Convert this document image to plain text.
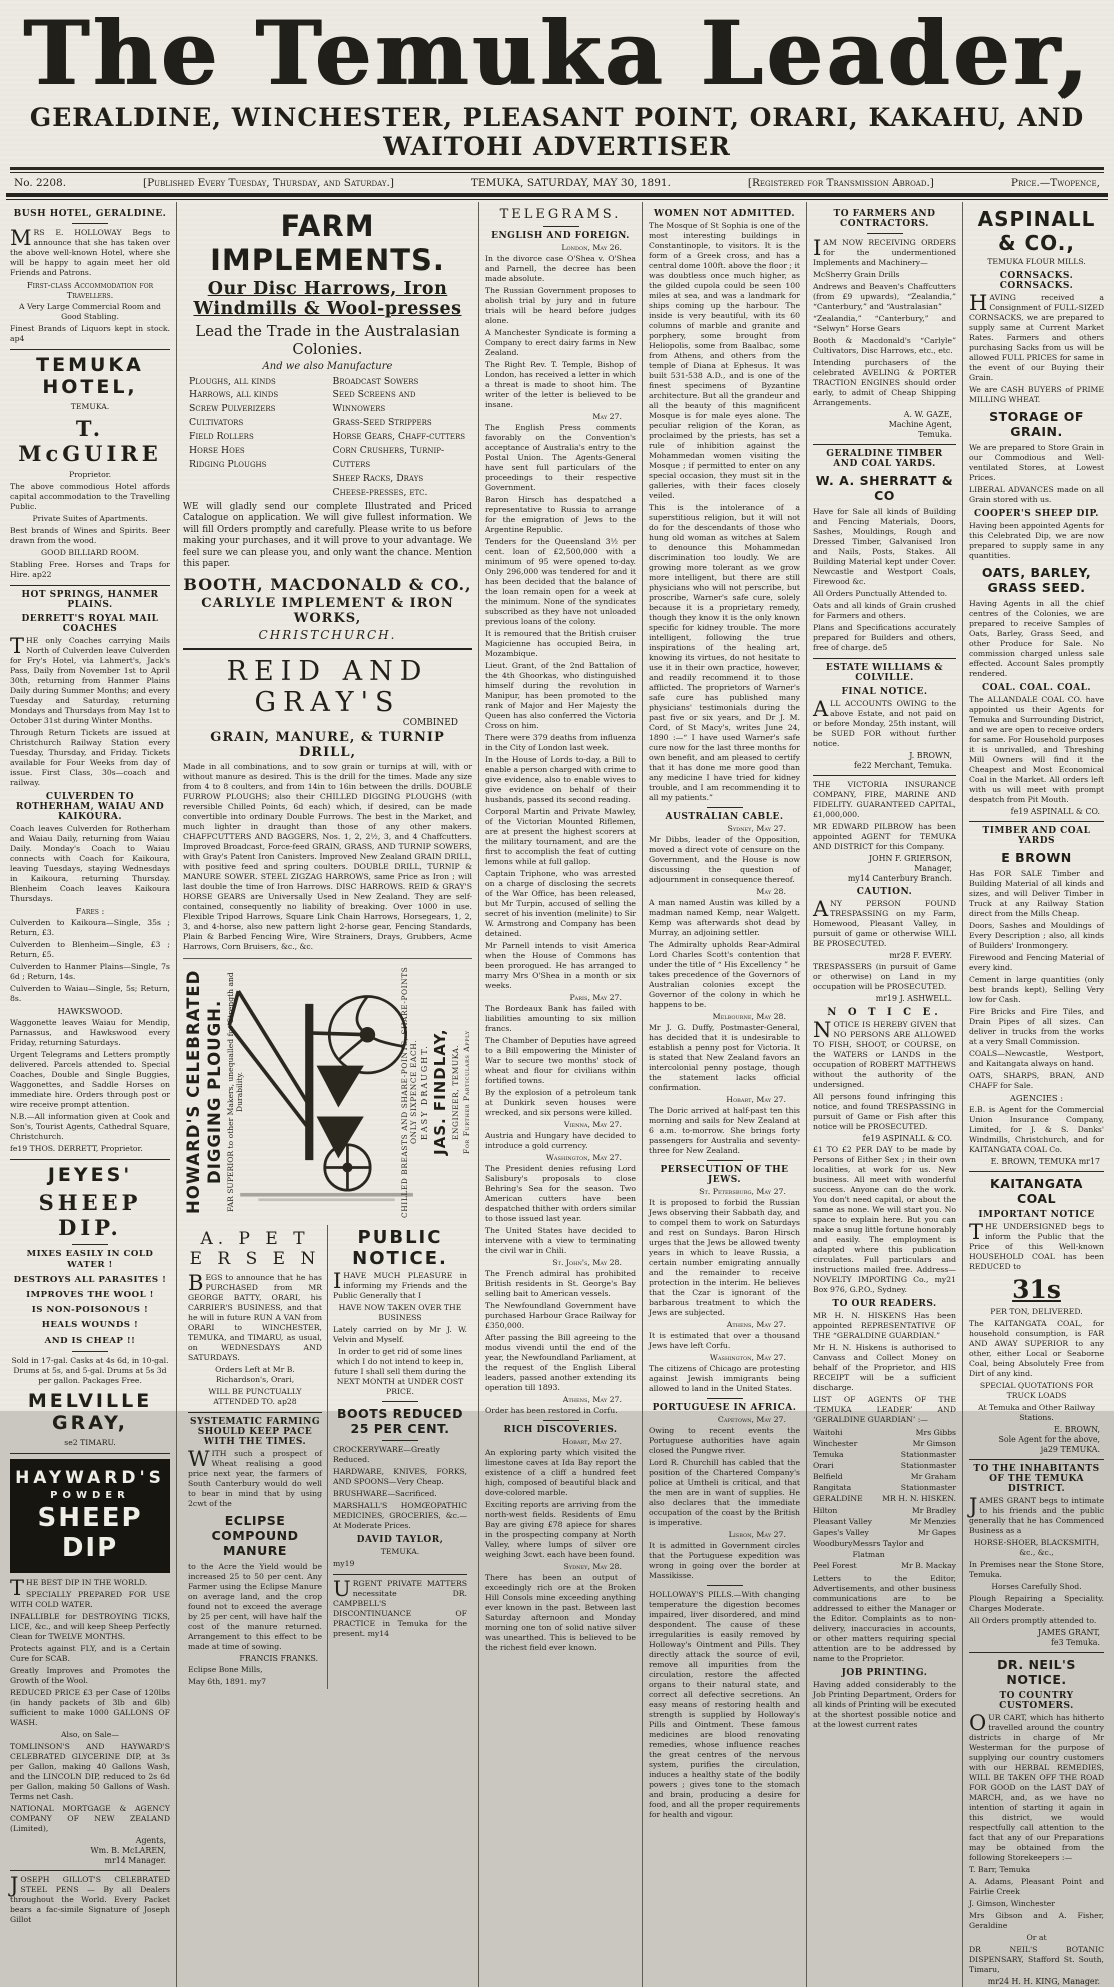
The Temuka Leader,
GERALDINE, WINCHESTER, PLEASANT POINT, ORARI, KAKAHU, AND WAITOHI ADVERTISER
No. 2208.	[Published Every Tuesday, Thursday, and Saturday.]	TEMUKA, SATURDAY, MAY 30, 1891.	[Registered for Transmission Abroad.]	Price.—Twopence,
BUSH HOTEL, GERALDINE.

MRS E. HOLLOWAY Begs to announce that she has taken over the above well-known Hotel, where she will be happy to again meet her old Friends and Patrons.

First-class Accommodation for Travellers.

A Very Large Commercial Room and Good Stabling.

Finest Brands of Liquors kept in stock. ap4

TEMUKA HOTEL,

TEMUKA.

T. McGUIRE

Proprietor.

The above commodious Hotel affords capital accommodation to the Travelling Public.

Private Suites of Apartments.

Best brands of Wines and Spirits. Beer drawn from the wood.

GOOD BILLIARD ROOM.

Stabling Free. Horses and Traps for Hire. ap22

HOT SPRINGS, HANMER PLAINS.
DERRETT'S ROYAL MAIL COACHES

THE only Coaches carrying Mails North of Culverden leave Culverden for Fry's Hotel, via Lahmert's, Jack's Pass, Daily from November 1st to April 30th, returning from Hanmer Plains Daily during Summer Months; and every Tuesday and Saturday, returning Mondays and Thursdays from May 1st to October 31st during Winter Months.

Through Return Tickets are issued at Christchurch Railway Station every Tuesday, Thursday, and Friday. Tickets available for Four Weeks from day of issue. First Class, 30s—coach and railway.

CULVERDEN TO ROTHERHAM, WAIAU AND KAIKOURA.

Coach leaves Culverden for Rotherham and Waiau Daily, returning from Waiau Daily. Monday's Coach to Waiau connects with Coach for Kaikoura, leaving Tuesdays, staying Wednesdays in Kaikoura, returning Thursday. Blenheim Coach leaves Kaikoura Thursdays.

Fares :

Culverden to Kaikoura—Single, 35s ; Return, £3.

Culverden to Blenheim—Single, £3 ; Return, £5.

Culverden to Hanmer Plains—Single, 7s 6d ; Return, 14s.

Culverden to Waiau—Single, 5s; Return, 8s.

HAWKSWOOD.

Waggonette leaves Waiau for Mendip, Parnassus, and Hawkswood every Friday, returning Saturdays.

Urgent Telegrams and Letters promptly delivered. Parcels attended to. Special Coaches, Double and Single Buggies, Waggonettes, and Saddle Horses on immediate hire. Orders through post or wire receive prompt attention.

N.B.—All information given at Cook and Son's, Tourist Agents, Cathedral Square, Christchurch.

fe19 THOS. DERRETT, Proprietor.

JEYES'
SHEEP DIP.

MIXES EASILY IN COLD WATER !

DESTROYS ALL PARASITES !

IMPROVES THE WOOL !

IS NON-POISONOUS !

HEALS WOUNDS !

AND IS CHEAP !!

Sold in 17-gal. Casks at 4s 6d, in 10-gal. Drums at 5s, and 5-gal. Drums at 5s 3d per gallon. Packages Free.

MELVILLE GRAY,

se2 TIMARU.

HAYWARD'S
POWDER
SHEEP DIP

THE BEST DIP IN THE WORLD.

SPECIALLY PREPARED FOR USE WITH COLD WATER.

INFALLIBLE for DESTROYING TICKS, LICE, &c., and will keep Sheep Perfectly Clean for TWELVE MONTHS.

Protects against FLY, and is a Certain Cure for SCAB.

Greatly Improves and Promotes the Growth of the Wool.

REDUCED PRICE £3 per Case of 120lbs (in handy packets of 3lb and 6lb) sufficient to make 1000 GALLONS OF WASH.

Also, on Sale—

TOMLINSON'S AND HAYWARD'S CELEBRATED GLYCERINE DIP, at 3s per Gallon, making 40 Gallons Wash, and the LINCOLN DIP, reduced to 2s 6d per Gallon, making 50 Gallons of Wash. Terms net Cash.

NATIONAL MORTGAGE & AGENCY COMPANY OF NEW ZEALAND (Limited),

Agents,
Wm. B. McLAREN,
mr14 Manager.

JOSEPH GILLOT'S CELEBRATED STEEL PENS — By all Dealers throughout the World. Every Packet bears a fac-simile Signature of Joseph Gillot

FARM IMPLEMENTS.
Our Disc Harrows, Iron Windmills & Wool-presses
Lead the Trade in the Australasian Colonies.
And we also Manufacture
Ploughs, all kinds
Harrows, all kinds
Screw Pulverizers
Cultivators
Field Rollers
Horse Hoes
Ridging Ploughs
Broadcast Sowers
Seed Screens and Winnowers
Grass-Seed Strippers
Horse Gears, Chaff-cutters
Corn Crushers, Turnip-Cutters
Sheep Racks, Drays
Cheese-presses, etc.

WE will gladly send our complete Illustrated and Priced Catalogue on application. We will give fullest information. We will fill Orders promptly and carefully. Please write to us before making your purchases, and it will prove to your advantage. We feel sure we can please you, and only want the chance. Mention this paper.

BOOTH, MACDONALD & CO.,
CARLYLE IMPLEMENT & IRON WORKS,
CHRISTCHURCH.
REID AND GRAY'S
COMBINED
GRAIN, MANURE, & TURNIP DRILL,

Made in all combinations, and to sow grain or turnips at will, with or without manure as desired. This is the drill for the times. Made any size from 4 to 8 coulters, and from 14in to 16in between the drills. DOUBLE FURROW PLOUGHS; also their CHILLED DIGGING PLOUGHS (with reversible Chilled Points, 6d each) which, if desired, can be made convertible into ordinary Double Furrows. The best in the Market, and much lighter in draught than those of any other makers. CHAFFCUTTERS AND BAGGERS, Nos. 1, 2, 2½, 3, and 4 Chaffcutters. Improved Broadcast, Force-feed GRAIN, GRASS, AND TURNIP SOWERS, with Gray's Patent Iron Canisters. Improved New Zealand GRAIN DRILL, with positive feed and spring coulters. DOUBLE DRILL, TURNIP & MANURE SOWER. STEEL ZIGZAG HARROWS, same Price as Iron ; will last double the time of Iron Harrows. DISC HARROWS. REID & GRAY'S HORSE GEARS are Universally Used in New Zealand. They are self-contained, consequently no liability of breaking. Over 1000 in use. Flexible Tripod Harrows, Square Link Chain Harrows, Horsegears, 1, 2, 3, and 4-horse, also new pattern light 2-horse gear, Fencing Standards, Plain & Barbed Fencing Wire, Wire Strainers, Drays, Grubbers, Acme Harrows, Corn Bruisers, &c., &c.

HOWARD'S CELEBRATED DIGGING PLOUGH. FAR SUPERIOR to other Makers, unequalled for Strength and Durability.	CHILLED BREASTS AND SHARE-POINTS, SHARE-POINTS ONLY SIXPENCE EACH. EASY DRAUGHT. JAS. FINDLAY, ENGINEER, TEMUKA. For Further Particulars Apply
A. P E T E R S E N

BEGS to announce that he has PURCHASED from MR GEORGE BATTY, ORARI, his CARRIER'S BUSINESS, and that he will in future RUN A VAN from ORARI to WINCHESTER, TEMUKA, and TIMARU, as usual, on WEDNESDAYS AND SATURDAYS.

Orders Left at Mr B. Richardson's, Orari,

WILL BE PUNCTUALLY ATTENDED TO. ap28

SYSTEMATIC FARMING SHOULD KEEP PACE WITH THE TIMES.

WITH such a prospect of Wheat realising a good price next year, the farmers of South Canterbury would do well to bear in mind that by using 2cwt of the

ECLIPSE COMPOUND MANURE

to the Acre the Yield would be increased 25 to 50 per cent. Any Farmer using the Eclipse Manure on average land, and the crop found not to exceed the average by 25 per cent, will have half the cost of the manure returned. Arrangement to this effect to be made at time of sowing.

FRANCIS FRANKS.

Eclipse Bone Mills,

May 6th, 1891. my7

PUBLIC NOTICE.

I HAVE MUCH PLEASURE in informing my Friends and the Public Generally that I

HAVE NOW TAKEN OVER THE BUSINESS

Lately carried on by Mr J. W. Velvin and Myself.

In order to get rid of some lines which I do not intend to keep in, future I shall sell them during the NEXT MONTH at UNDER COST PRICE.

BOOTS REDUCED 25 PER CENT.

CROCKERYWARE—Greatly Reduced.

HARDWARE, KNIVES, FORKS, AND SPOONS—Very Cheap.

BRUSHWARE—Sacrificed.

MARSHALL'S HOMŒOPATHIC MEDICINES, GROCERIES, &c.— At Moderate Prices.

DAVID TAYLOR,

TEMUKA.

my19

URGENT PRIVATE MATTERS necessitate DR. CAMPBELL'S DISCONTINUANCE OF PRACTICE in Temuka for the present. my14

TELEGRAMS.
ENGLISH AND FOREIGN.
London, May 26.

In the divorce case O'Shea v. O'Shea and Parnell, the decree has been made absolute.

The Russian Government proposes to abolish trial by jury and in future trials will be heard before judges alone.

A Manchester Syndicate is forming a Company to erect dairy farms in New Zealand.

The Right Rev. T. Temple, Bishop of London, has received a letter in which a threat is made to shoot him. The writer of the letter is believed to be insane.

May 27.

The English Press comments favorably on the Convention's acceptance of Australia's entry to the Postal Union. The Agents-General have sent full particulars of the proceedings to their respective Government.

Baron Hirsch has despatched a representative to Russia to arrange for the emigration of Jews to the Argentine Republic.

Tenders for the Queensland 3½ per cent. loan of £2,500,000 with a minimum of 95 were opened to-day. Only 296,000 was tendered for and it has been decided that the balance of the loan remain open for a week at the minimum. None of the syndicates subscribed as they have not unloaded previous loans of the colony.

It is remoured that the British cruiser Magicienne has occupied Beira, in Mozambique.

Lieut. Grant, of the 2nd Battalion of the 4th Ghoorkas, who distinguished himself during the revolution in Manipur, has been promoted to the rank of Major and Her Majesty the Queen has also conferred the Victoria Cross on him.

There were 379 deaths from influenza in the City of London last week.

In the House of Lords to-day, a Bill to enable a person charged with crime to give evidence, also to enable wives to give evidence on behalf of their husbands, passed its second reading.

Corporal Martin and Private Mawley, of the Victorian Mounted Riflemen, are at present the highest scorers at the military tournament, and are the first to accomplish the feat of cutting lemons while at full gallop.

Captain Triphone, who was arrested on a charge of disclosing the secrets of the War Office, has been released, but Mr Turpin, accused of selling the secret of his invention (melinite) to Sir W. Armstrong and Company has been detained.

Mr Parnell intends to visit America when the House of Commons has been prorogued. He has arranged to marry Mrs O'Shea in a month or six weeks.

Paris, May 27.

The Bordeaux Bank has failed with liabilities amounting to six million francs.

The Chamber of Deputies have agreed to a Bill empowering the Minister of War to secure two months' stock of wheat and flour for civilians within fortified towns.

By the explosion of a petroleum tank at Dunkirk seven houses were wrecked, and six persons were killed.

Vienna, May 27.

Austria and Hungary have decided to introduce a gold currency.

Washington, May 27.

The President denies refusing Lord Salisbury's proposals to close Behring's Sea for the season. Two American cutters have been despatched thither with orders similar to those issued last year.

The United States have decided to intervene with a view to terminating the civil war in Chili.

St. John's, May 28.

The French admiral has prohibited British residents in St. George's Bay selling bait to American vessels.

The Newfoundland Government have purchased Harbour Grace Railway for £350,000.

After passing the Bill agreeing to the modus vivendi until the end of the year, the Newfoundland Parliament, at the request of the English Liberal leaders, passed another extending its operation till 1893.

Athens, May 27.

Order has been restored in Corfu.

RICH DISCOVERIES.
Hobart, May 27.

An exploring party which visited the limestone caves at Ida Bay report the existence of a cliff a hundred feet high, composed of beautiful black and dove-colored marble.

Exciting reports are arriving from the north-west fields. Residents of Emu Bay are giving £78 apiece for shares in the prospecting company at North Valley, where lumps of silver ore weighing 3cwt. each have been found.

Sydney, May 28.

There has been an output of exceedingly rich ore at the Broken Hill Consols mine exceeding anything ever known in the past. Between last Saturday afternoon and Monday morning one ton of solid native silver was unearthed. This is believed to be the richest field ever known.

WOMEN NOT ADMITTED.

The Mosque of St Sophia is one of the most interesting buildings in Constantinople, to visitors. It is the form of a Greek cross, and has a central dome 100ft. above the floor ; it was doubtless once much higher, as the gilded cupola could be seen 100 miles at sea, and was a landmark for ships coming up the harbour. The inside is very beautiful, with its 60 columns of marble and granite and porphery, some brought from Heliopolis, some from Baalbac, some from Athens, and others from the temple of Diana at Ephesus. It was built 531-538 A.D., and is one of the finest specimens of Byzantine architecture. But all the grandeur and all the beauty of this magnificent Mosque is for male eyes alone. The peculiar religion of the Koran, as proclaimed by the priests, has set a rule of inhibition against the Mohammedan women visiting the Mosque ; if permitted to enter on any special occasion, they must sit in the galleries, with their faces closely veiled.

This is the intolerance of a superstitious religion, but it will not do for the descendants of those who hung old woman as witches at Salem to denounce this Mohammedan discrimination too loudly. We are growing more tolerant as we grow more intelligent, but there are still physicians who will not perscribe, but proscribe, Warner's safe cure, solely because it is a proprietary remedy, though they know it is the only known specific for kidney trouble. The more intelligent, following the true inspirations of the healing art, knowing its virtues, do not hesitate to use it in their own practice, however, and readily recommend it to those afflicted. The proprietors of Warner's safe cure has published many physicians' testimonials during the past five or six years, and Dr J. M. Cord, of St Macy's, writes June 24, 1890 :—“ I have used Warner's safe cure now for the last three months for own benefit, and am pleased to certify that it has done me more good than any medicine I have tried for kidney trouble, and I am recommending it to all my patients.”

AUSTRALIAN CABLE.
Sydney, May 27.

Mr Dibbs, leader of the Opposition, moved a direct vote of censure on the Government, and the House is now discussing the question of adjournment in consequence thereof.

May 28.

A man named Austin was killed by a madman named Kemp, near Walgett. Kemp was afterwards shot dead by Murray, an adjoining settler.

The Admiralty upholds Rear-Admiral Lord Charles Scott's contention that under the title of “ His Excellency ” he takes precedence of the Governors of Australian colonies except the Governor of the colony in which he happens to be.

Melbourne, May 28.

Mr J. G. Duffy, Postmaster-General, has decided that it is undesirable to establish a penny post for Victoria. It is stated that New Zealand favors an intercolonial penny postage, though the statement lacks official confirmation.

Hobart, May 27.

The Doric arrived at half-past ten this morning and sails for New Zealand at 6 a.m. to-morrow. She brings forty passengers for Australia and seventy-three for New Zealand.

PERSECUTION OF THE JEWS.
St. Petersburg, May 27.

It is proposed to forbid the Russian Jews observing their Sabbath day, and to compel them to work on Saturdays and rest on Sundays. Baron Hirsch urges that the Jews be allowed twenty years in which to leave Russia, a certain number emigrating annually and the remainder to receive protection in the interim. He believes that the Czar is ignorant of the barbarous treatment to which the Jews are subjected.

Athens, May 27.

It is estimated that over a thousand Jews have left Corfu.

Washington, May 27.

The citizens of Chicago are protesting against Jewish immigrants being allowed to land in the United States.

PORTUGUESE IN AFRICA.
Capetown, May 27.

Owing to recent events the Portuguese authorities have again closed the Pungwe river.

Lord R. Churchill has cabled that the position of the Chartered Company's police at Umtheli is critical, and that the men are in want of supplies. He also declares that the immediate occupation of the coast by the British is imperative.

Lisbon, May 27.

It is admitted in Government circles that the Portuguese expedition was wrong in going over the border at Massikisse.

HOLLOWAY'S PILLS.—With changing temperature the digestion becomes impaired, liver disordered, and mind despondent. The cause of these irregularities is easily removed by Holloway's Ointment and Pills. They directly attack the source of evil, remove all impurities from the circulation, restore the affected organs to their natural state, and correct all defective secretions. An easy means of restoring health and strength is supplied by Holloway's Pills and Ointment. These famous medicines are blood renovating remedies, whose influence reaches the great centres of the nervous system, purifies the circulation, induces a healthy state of the bodily powers ; gives tone to the stomach and brain, producing a desire for food, and all the proper requirements for health and vigour.

TO FARMERS AND CONTRACTORS.

I AM NOW RECEIVING ORDERS for the undermentioned Implements and Machinery—

McSherry Grain Drills

Andrews and Beaven's Chaffcutters (from £9 upwards), “Zealandia,” “Canterbury,” and “Australasian”

“Zealandia,” “Canterbury,” and “Selwyn” Horse Gears

Booth & Macdonald's “Carlyle” Cultivators, Disc Harrows, etc., etc.

Intending purchasers of the celebrated AVELING & PORTER TRACTION ENGINES should order early, to admit of Cheap Shipping Arrangements.

A. W. GAZE,
Machine Agent,
Temuka.
GERALDINE TIMBER AND COAL YARDS.
W. A. SHERRATT & CO

Have for Sale all kinds of Building and Fencing Materials, Doors, Sashes, Mouldings, Rough and Dressed Timber, Galvanised Iron and Nails, Posts, Stakes. All Building Material kept under Cover. Newcastle and Westport Coals, Firewood &c.

All Orders Punctually Attended to.

Oats and all kinds of Grain crushed for Farmers and others.

Plans and Specifications accurately prepared for Builders and others, free of charge. de5

ESTATE WILLIAMS & COLVILLE.
FINAL NOTICE.

ALL ACCOUNTS OWING to the above Estate, and not paid on or before Monday, 25th instant, will be SUED FOR without further notice.

J. BROWN,
fe22 Merchant, Temuka.

THE VICTORIA INSURANCE COMPANY, FIRE, MARINE AND FIDELITY. GUARANTEED CAPITAL, £1,000,000.

MR EDWARD PILBROW has been appointed AGENT for TEMUKA AND DISTRICT for this Company.

JOHN F. GRIERSON,
Manager,
my14 Canterbury Branch.
CAUTION.

ANY PERSON FOUND TRESPASSING on my Farm, Homewood, Pleasant Valley, in pursuit of game or otherwise WILL BE PROSECUTED.

mr28 F. EVERY.

TRESPASSERS (in pursuit of Game or otherwise) on Land in my occupation will be PROSECUTED.

mr19 J. ASHWELL.
N O T I C E.

NOTICE IS HEREBY GIVEN that NO PERSONS ARE ALLOWED TO FISH, SHOOT, or COURSE, on the WATERS or LANDS in the occupation of ROBERT MATTHEWS without the authority of the undersigned.

All persons found infringing this notice, and found TRESPASSING in pursuit of Game or Fish after this notice will be PROSECUTED.

fe19 ASPINALL & CO.

£1 TO £2 PER DAY to be made by Persons of Either Sex ; in their own localities, at work for us. New business. All meet with wonderful success. Anyone can do the work. You don't need capital, or about the same as none. We will start you. No space to explain here. But you can make a snug little fortune honorably and easily. The employment is adapted where this publication circulates. Full particulars and instructions mailed free. Address—NOVELTY IMPORTING Co., my21 Box 976, G.P.O., Sydney.

TO OUR READERS.

MR H. N. HISKENS Has been appointed REPRESENTATIVE OF THE “GERALDINE GUARDIAN.”

Mr H. N. Hiskens is authorised to Canvass and Collect Money on behalf of the Proprietor, and HIS RECEIPT will be a sufficient discharge.

LIST OF AGENTS OF THE ‘TEMUKA LEADER’ AND ‘GERALDINE GUARDIAN’ :—

Waitohi	Mrs Gibbs
Winchester	Mr Gimson
Temuka	Stationmaster
Orari	Stationmaster
Belfield	Mr Graham
Rangitata	Stationmaster
GERALDINE	MR H. N. HISKEN.
Hilton	Mr Bradley
Pleasant Valley	Mr Menzies
Gapes's Valley	Mr Gapes
Woodbury Messrs Taylor and Flatman
Peel Forest	Mr B. Mackay

Letters to the Editor, Advertisements, and other business communications are to be addressed to either the Manager or the Editor. Complaints as to non-delivery, inaccuracies in accounts, or other matters requiring special attention are to be addressed by name to the Proprietor.

JOB PRINTING.

Having added considerably to the Job Printing Department, Orders for all kinds of Printing will be executed at the shortest possible notice and at the lowest current rates

ASPINALL & CO.,

TEMUKA FLOUR MILLS.

CORNSACKS. CORNSACKS.

HAVING received a Consignment of FULL-SIZED CORNSACKS, we are prepared to supply same at Current Market Rates. Farmers and others purchasing Sacks from us will be allowed FULL PRICES for same in the event of our Buying their Grain.

We are CASH BUYERS of PRIME MILLING WHEAT.

STORAGE OF GRAIN.

We are prepared to Store Grain in our Commodious and Well-ventilated Stores, at Lowest Prices.

LIBERAL ADVANCES made on all Grain stored with us.

COOPER'S SHEEP DIP.

Having been appointed Agents for this Celebrated Dip, we are now prepared to supply same in any quantities.

OATS, BARLEY, GRASS SEED.

Having Agents in all the chief centres of the Colonies, we are prepared to receive Samples of Oats, Barley, Grass Seed, and other Produce for Sale. No commission charged unless sale effected. Account Sales promptly rendered.

COAL. COAL. COAL.

The ALLANDALE COAL CO. have appointed us their Agents for Temuka and Surrounding District, and we are open to receive orders for same. For Household purposes it is unrivalled, and Threshing Mill Owners will find it the Cheapest and Most Economical Coal in the Market. All orders left with us will meet with prompt despatch from Pit Mouth.

fe19 ASPINALL & CO.
TIMBER AND COAL YARDS
E BROWN

Has FOR SALE Timber and Building Material of all kinds and sizes, and will Deliver Timber in Truck at any Railway Station direct from the Mills Cheap.

Doors, Sashes and Mouldings of Every Description ; also, all kinds of Builders' Ironmongery.

Firewood and Fencing Material of every kind.

Cement in large quantities (only best brands kept), Selling Very low for Cash.

Fire Bricks and Fire Tiles, and Drain Pipes of all sizes. Can deliver in trucks from the works at a very Small Commission.

COALS—Newcastle, Westport, and Kaitangata always on hand.

OATS, SHARPS, BRAN, AND CHAFF for Sale.

AGENCIES :

E.B. is Agent for the Commercial Union Insurance Company, Limited, for J. & S. Danks' Windmills, Christchurch, and for KAITANGATA COAL Co.

E. BROWN, TEMUKA mr17
KAITANGATA COAL
IMPORTANT NOTICE

THE UNDERSIGNED begs to inform the Public that the Price of this Well-known HOUSEHOLD COAL has been REDUCED to

31s

PER TON, DELIVERED.

The KAITANGATA COAL, for household consumption, is FAR AND AWAY SUPERIOR to any other, either Local or Seaborne Coal, being Absolutely Free from Dirt of any kind.

SPECIAL QUOTATIONS FOR TRUCK LOADS

At Temuka and Other Railway Stations.

E. BROWN,
Sole Agent for the above,
ja29 TEMUKA.
TO THE INHABITANTS OF THE TEMUKA DISTRICT.

JAMES GRANT begs to intimate to his friends and the public generally that he has Commenced Business as a

HORSE-SHOER, BLACKSMITH, &c., &c.,

In Premises near the Stone Store, Temuka.

Horses Carefully Shod.

Plough Repairing a Speciality. Charges Moderate.

All Orders promptly attended to.

JAMES GRANT,
fe3 Temuka.
DR. NEIL'S NOTICE.
TO COUNTRY CUSTOMERS.

OUR CART, which has hitherto travelled around the country districts in charge of Mr Westerman for the purpose of supplying our country customers with our HERBAL REMEDIES, WILL BE TAKEN OFF THE ROAD FOR GOOD on the LAST DAY of MARCH, and, as we have no intention of starting it again in this district, we would respectfully call attention to the fact that any of our Preparations may be obtained from the following Storekeepers :—

T. Barr, Temuka

A. Adams, Pleasant Point and Fairlie Creek

J. Gimson, Winchester

Mrs Gibson and A. Fisher, Geraldine

Or at

DR NEIL'S BOTANIC DISPENSARY, Stafford St. South, Timaru,

mr24 H. H. KING, Manager.
